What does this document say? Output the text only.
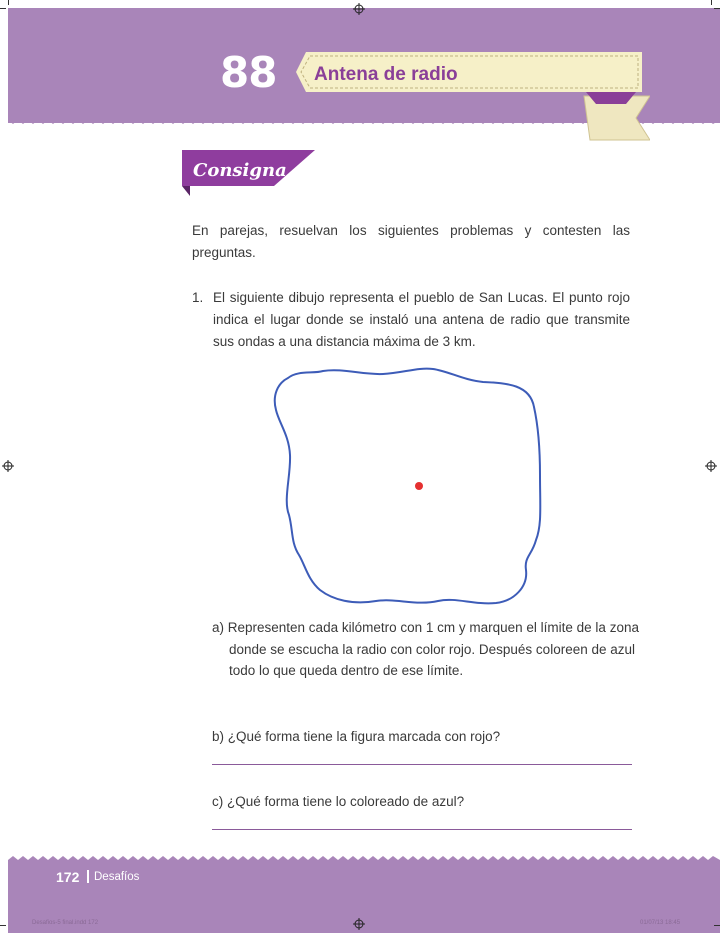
88 Antena de radio
Consigna
En parejas, resuelvan los siguientes problemas y contesten las preguntas.
1. El siguiente dibujo representa el pueblo de San Lucas. El punto rojo indica el lugar donde se instaló una antena de radio que transmite sus ondas a una distancia máxima de 3 km.
a) Representen cada kilómetro con 1 cm y marquen el límite de la zona donde se escucha la radio con color rojo. Después coloreen de azul todo lo que queda dentro de ese límite.
b) ¿Qué forma tiene la figura marcada con rojo?
c) ¿Qué forma tiene lo coloreado de azul?
172 Desafíos
Desafios-5 final.indd 172	01/07/13 18:45
